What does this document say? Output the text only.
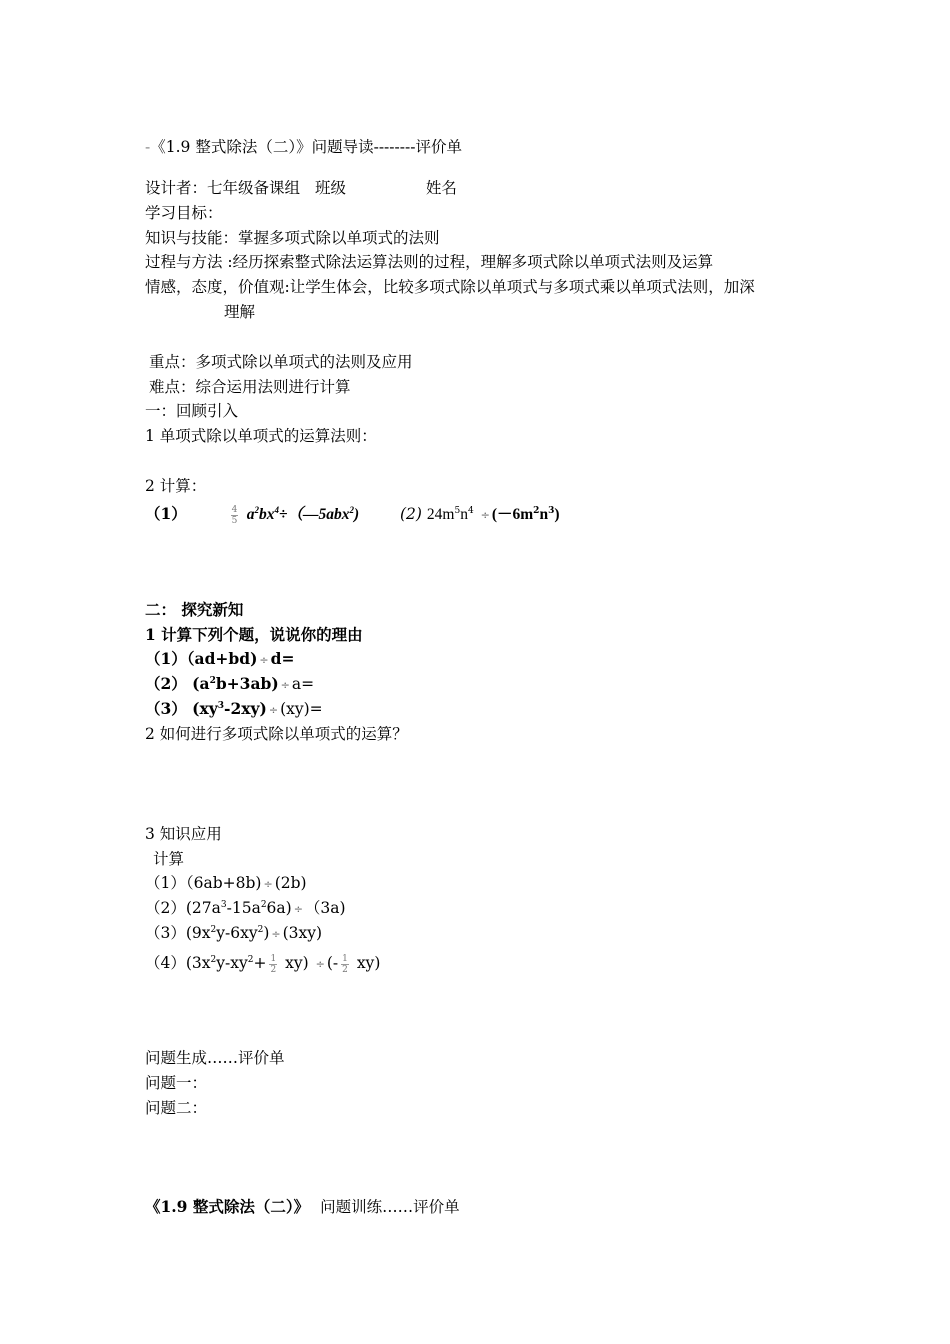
-《1.9 整式除法（二）》问题导读--------评价单
设计者：七年级备课组 班级	姓名
学习目标：
知识与技能：掌握多项式除以单项式的法则
过程与方法 :经历探索整式除法运算法则的过程，理解多项式除以单项式法则及运算
情感，态度，价值观:让学生体会，比较多项式除以单项式与多项式乘以单项式法则，加深
理解
重点：多项式除以单项式的法则及应用
难点：综合运用法则进行计算
一：回顾引入
1 单项式除以单项式的运算法则：
2 计算：
（1）	$\frac{4}{5}$ $a^2bx^4\div(—5abx^2)$	(2) $24m^5n^4 \div (-6m^2n^3)$
二： 探究新知
1 计算下列个题，说说你的理由
（1）（ad+bd) ÷ d=
（2） $(a^2b+3ab) \div a=$
（3） $(xy^3-2xy) \div (xy)=$
2 如何进行多项式除以单项式的运算？
3 知识应用
计算
（1）（6ab+8b) ÷ (2b)
$(2)(27a^3-15a^26a) \div (3a)$
$(3)(9x^2y-6xy^2) \div (3xy)$
$(4)(3x^2y-xy^2+ \frac{1}{2} xy)$ ÷ (- $\frac{1}{2} xy$)
问题生成……评价单
问题一：
问题二：
《1.9 整式除法（二）》 问题训练……评价单
